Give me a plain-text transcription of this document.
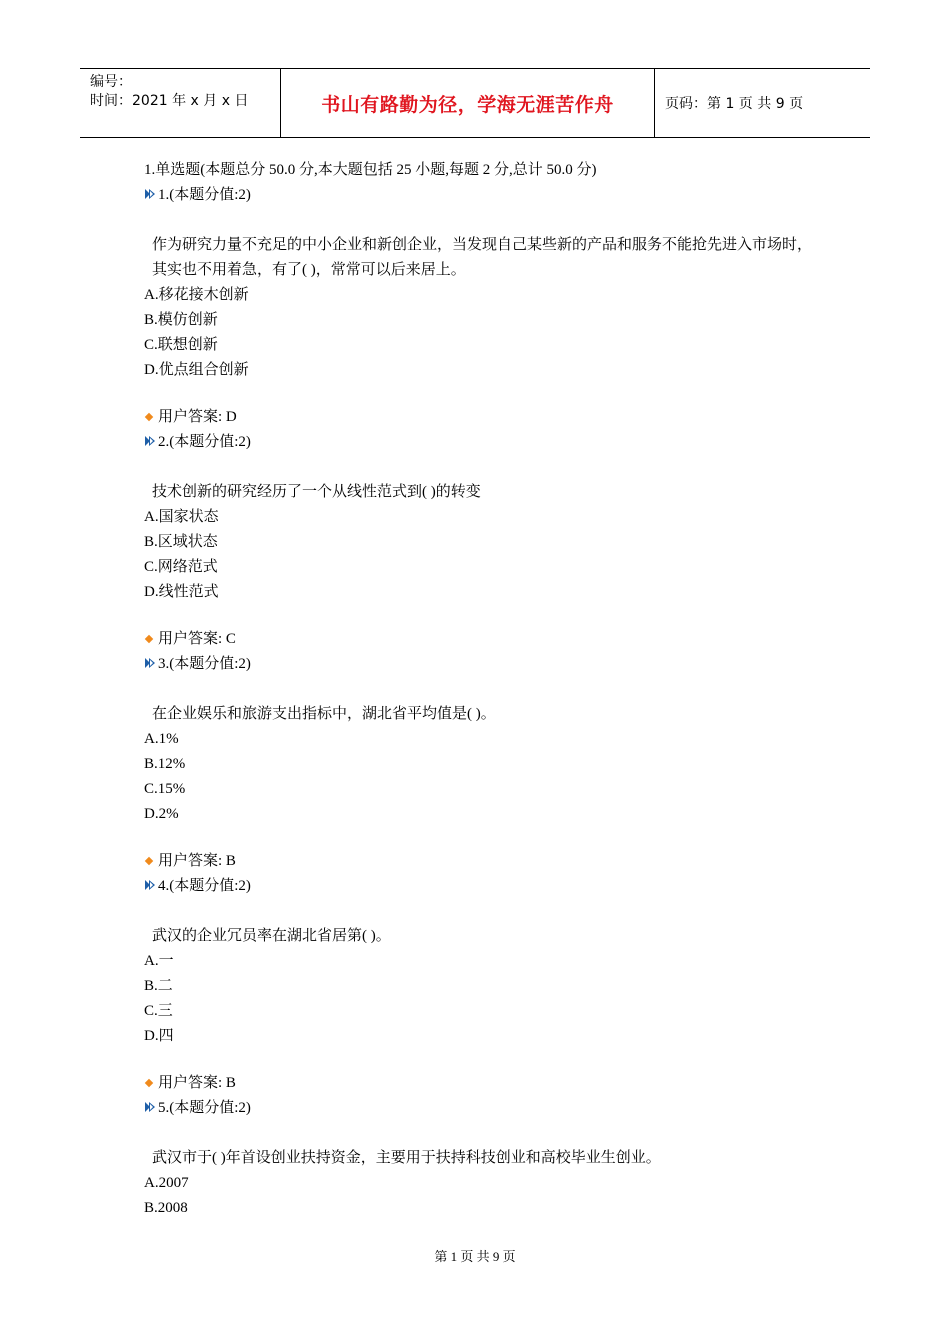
编号：
时间：2021 年 x 月 x 日	书山有路勤为径，学海无涯苦作舟	页码：第 1 页 共 9 页
1.单选题(本题总分 50.0 分,本大题包括 25 小题,每题 2 分,总计 50.0 分)
1.(本题分值:2)
作为研究力量不充足的中小企业和新创企业，当发现自己某些新的产品和服务不能抢先进入市场时，其实也不用着急，有了( )，常常可以后来居上。
A.移花接木创新
B.模仿创新
C.联想创新
D.优点组合创新
用户答案: D
2.(本题分值:2)
技术创新的研究经历了一个从线性范式到( )的转变
A.国家状态
B.区域状态
C.网络范式
D.线性范式
用户答案: C
3.(本题分值:2)
在企业娱乐和旅游支出指标中，湖北省平均值是( )。
A.1%
B.12%
C.15%
D.2%
用户答案: B
4.(本题分值:2)
武汉的企业冗员率在湖北省居第( )。
A.一
B.二
C.三
D.四
用户答案: B
5.(本题分值:2)
武汉市于( )年首设创业扶持资金，主要用于扶持科技创业和高校毕业生创业。
A.2007
B.2008
第 1 页 共 9 页
